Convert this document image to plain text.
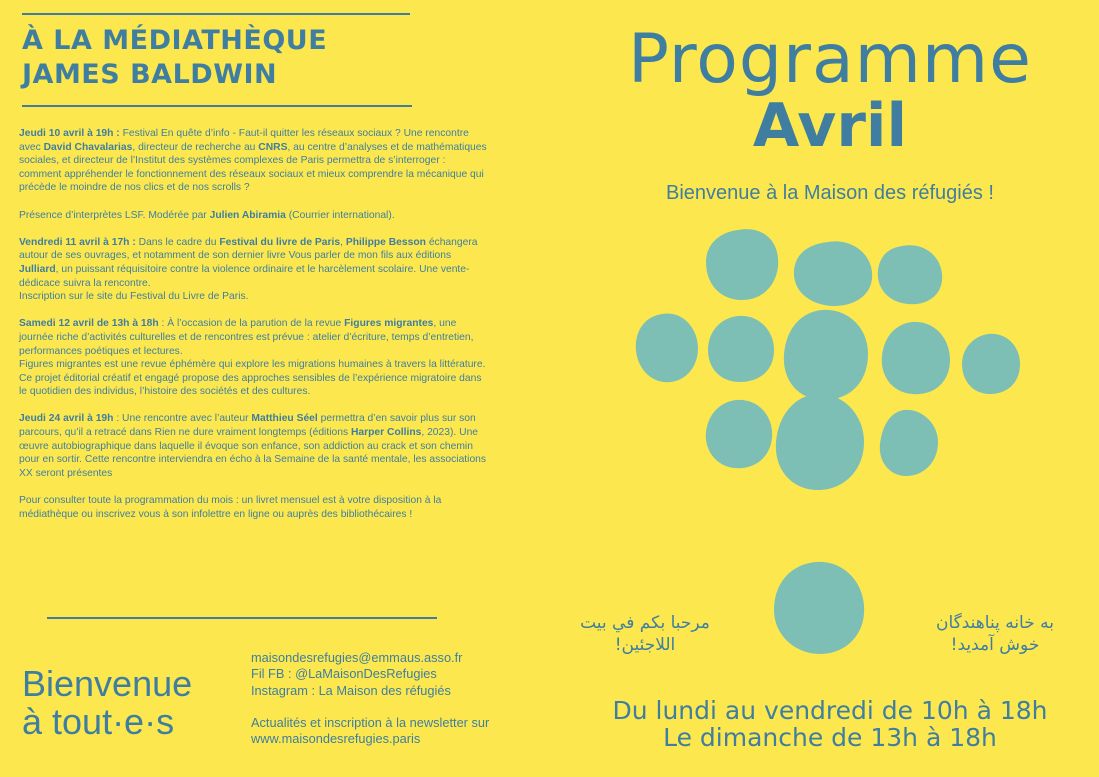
À LA MÉDIATHÈQUE
JAMES BALDWIN

Jeudi 10 avril à 19h : Festival En quête d’info - Faut-il quitter les réseaux sociaux ? Une rencontre avec David Chavalarias, directeur de recherche au CNRS, au centre d’analyses et de mathématiques sociales, et directeur de l’Institut des systèmes complexes de Paris permettra de s’interroger : comment appréhender le fonctionnement des réseaux sociaux et mieux comprendre la mécanique qui précède le moindre de nos clics et de nos scrolls ?

Présence d’interprètes LSF. Modérée par Julien Abiramia (Courrier international).

Vendredi 11 avril à 17h : Dans le cadre du Festival du livre de Paris, Philippe Besson échangera autour de ses ouvrages, et notamment de son dernier livre Vous parler de mon fils aux éditions Julliard, un puissant réquisitoire contre la violence ordinaire et le harcèlement scolaire. Une vente-dédicace suivra la rencontre.
Inscription sur le site du Festival du Livre de Paris.

Samedi 12 avril de 13h à 18h : À l’occasion de la parution de la revue Figures migrantes, une journée riche d’activités culturelles et de rencontres est prévue : atelier d’écriture, temps d’entretien, performances poétiques et lectures.
Figures migrantes est une revue éphémère qui explore les migrations humaines à travers la littérature. Ce projet éditorial créatif et engagé propose des approches sensibles de l’expérience migratoire dans le quotidien des individus, l’histoire des sociétés et des cultures.

Jeudi 24 avril à 19h : Une rencontre avec l’auteur Matthieu Séel permettra d’en savoir plus sur son parcours, qu’il a retracé dans Rien ne dure vraiment longtemps (éditions Harper Collins, 2023). Une œuvre autobiographique dans laquelle il évoque son enfance, son addiction au crack et son chemin pour en sortir. Cette rencontre interviendra en écho à la Semaine de la santé mentale, les associations XX seront présentes

Pour consulter toute la programmation du mois : un livret mensuel est à votre disposition à la médiathèque ou inscrivez vous à son infolettre en ligne ou auprès des bibliothécaires !

Bienvenue
à tout·e·s
maisondesrefugies@emmaus.asso.fr
Fil FB : @LaMaisonDesRefugies
Instagram : La Maison des réfugiés
Actualités et inscription à la newsletter sur
www.maisondesrefugies.paris
Programme
Avril
Bienvenue à la Maison des réfugiés !
مرحبا بكم في بيت
اللاجئين!
به خانه پناهندگان
خوش آمدید!
Du lundi au vendredi de 10h à 18h
Le dimanche de 13h à 18h
